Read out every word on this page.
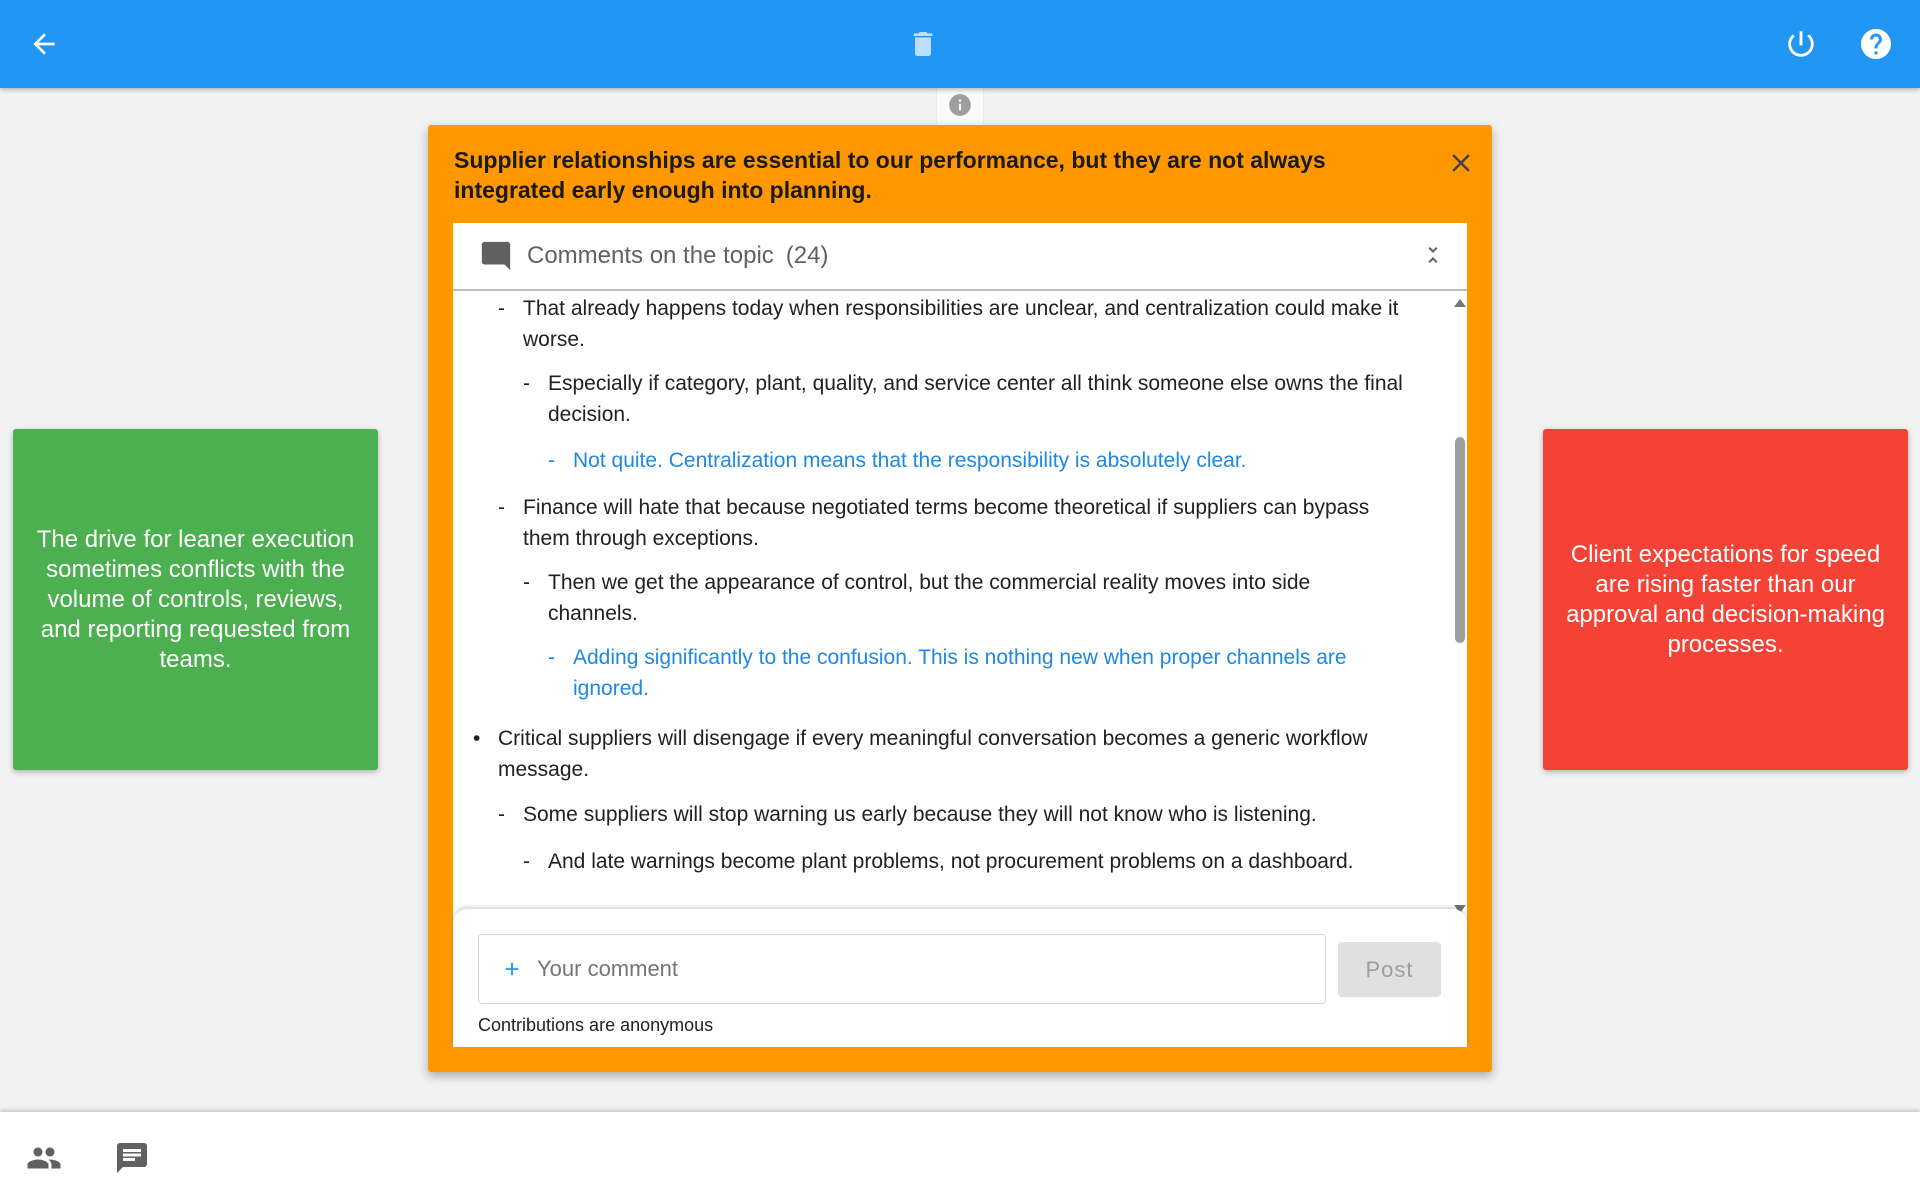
The drive for leaner execution sometimes conflicts with the volume of controls, reviews, and reporting requested from teams.
Client expectations for speed are rising faster than our approval and decision-making processes.
Supplier relationships are essential to our performance, but they are not always integrated early enough into planning.
Comments on the topic (24)
- That already happens today when responsibilities are unclear, and centralization could make it worse.
- Especially if category, plant, quality, and service center all think someone else owns the final decision.
- Not quite. Centralization means that the responsibility is absolutely clear.
- Finance will hate that because negotiated terms become theoretical if suppliers can bypass them through exceptions.
- Then we get the appearance of control, but the commercial reality moves into side channels.
- Adding significantly to the confusion. This is nothing new when proper channels are ignored.
• Critical suppliers will disengage if every meaningful conversation becomes a generic workflow message.
- Some suppliers will stop warning us early because they will not know who is listening.
- And late warnings become plant problems, not procurement problems on a dashboard.
Your comment
Post
Contributions are anonymous
